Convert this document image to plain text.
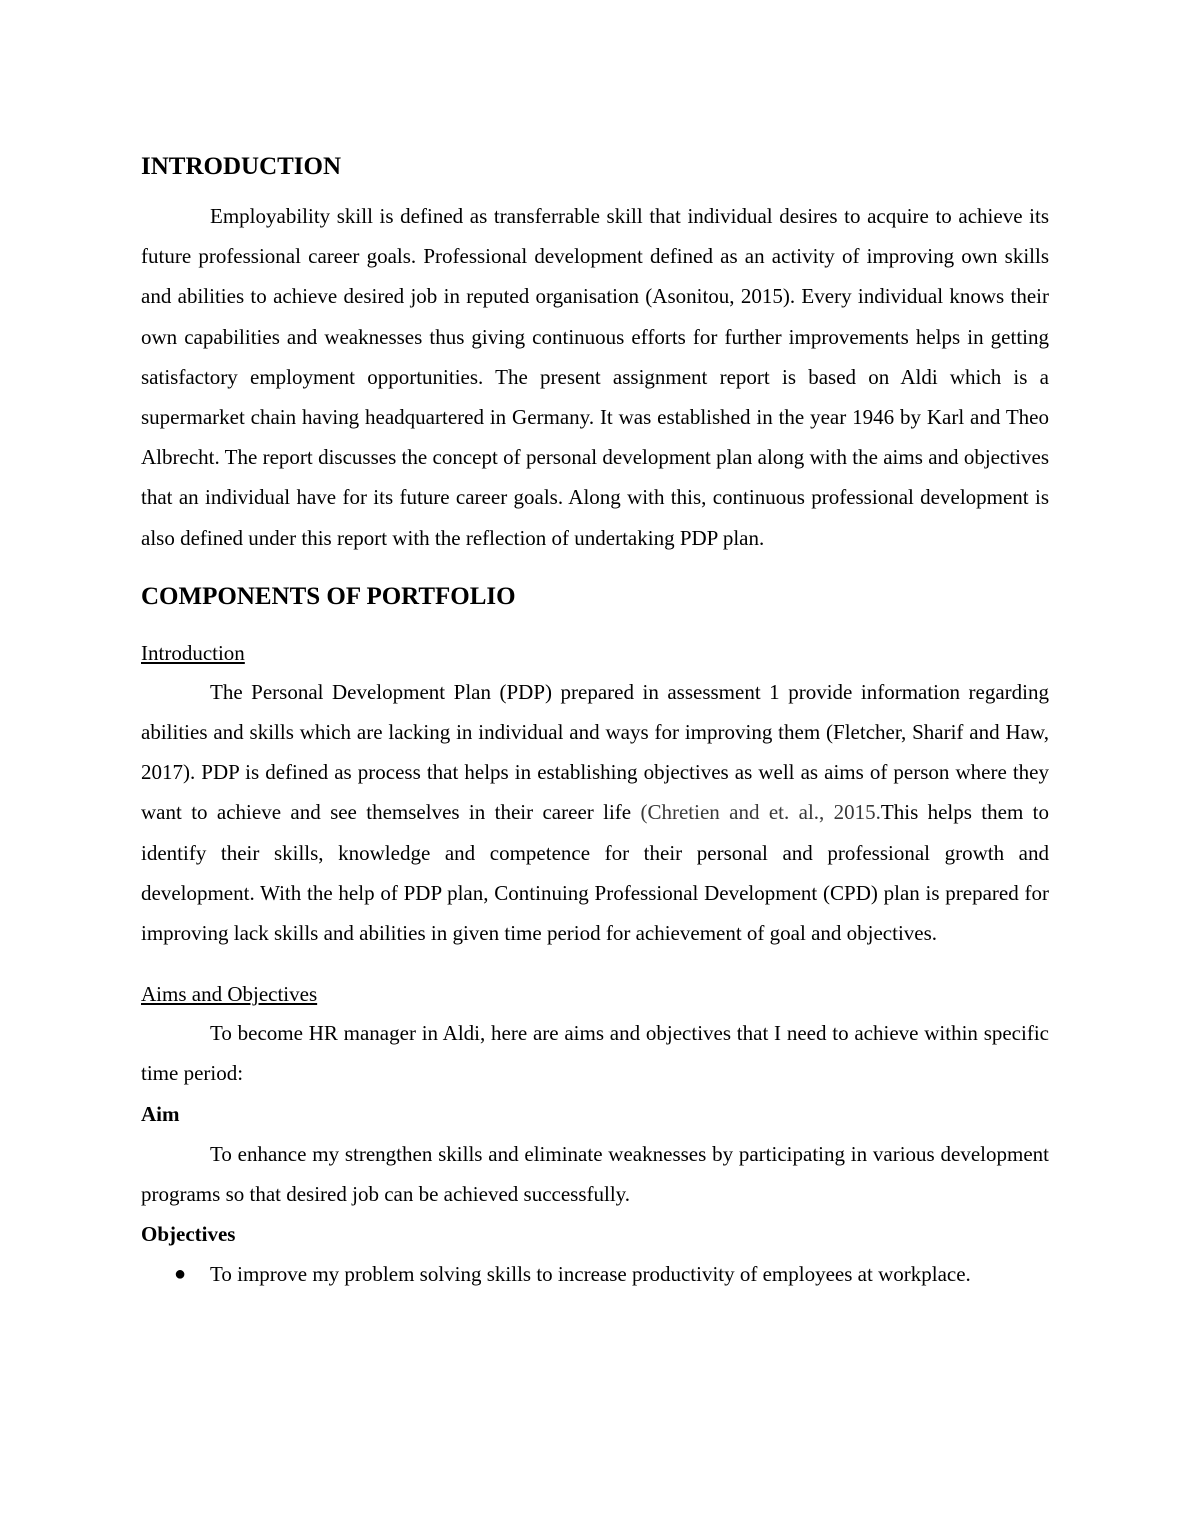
INTRODUCTION

Employability skill is defined as transferrable skill that individual desires to acquire to achieve its future professional career goals. Professional development defined as an activity of improving own skills and abilities to achieve desired job in reputed organisation (Asonitou, 2015). Every individual knows their own capabilities and weaknesses thus giving continuous efforts for further improvements helps in getting satisfactory employment opportunities. The present assignment report is based on Aldi which is a supermarket chain having headquartered in Germany. It was established in the year 1946 by Karl and Theo Albrecht. The report discusses the concept of personal development plan along with the aims and objectives that an individual have for its future career goals. Along with this, continuous professional development is also defined under this report with the reflection of undertaking PDP plan.

COMPONENTS OF PORTFOLIO
Introduction

The Personal Development Plan (PDP) prepared in assessment 1 provide information regarding abilities and skills which are lacking in individual and ways for improving them (Fletcher, Sharif and Haw, 2017). PDP is defined as process that helps in establishing objectives as well as aims of person where they want to achieve and see themselves in their career life (Chretien and et. al., 2015.This helps them to identify their skills, knowledge and competence for their personal and professional growth and development. With the help of PDP plan, Continuing Professional Development (CPD) plan is prepared for improving lack skills and abilities in given time period for achievement of goal and objectives.

Aims and Objectives

To become HR manager in Aldi, here are aims and objectives that I need to achieve within specific time period:

Aim

To enhance my strengthen skills and eliminate weaknesses by participating in various development programs so that desired job can be achieved successfully.

Objectives
● To improve my problem solving skills to increase productivity of employees at workplace.
